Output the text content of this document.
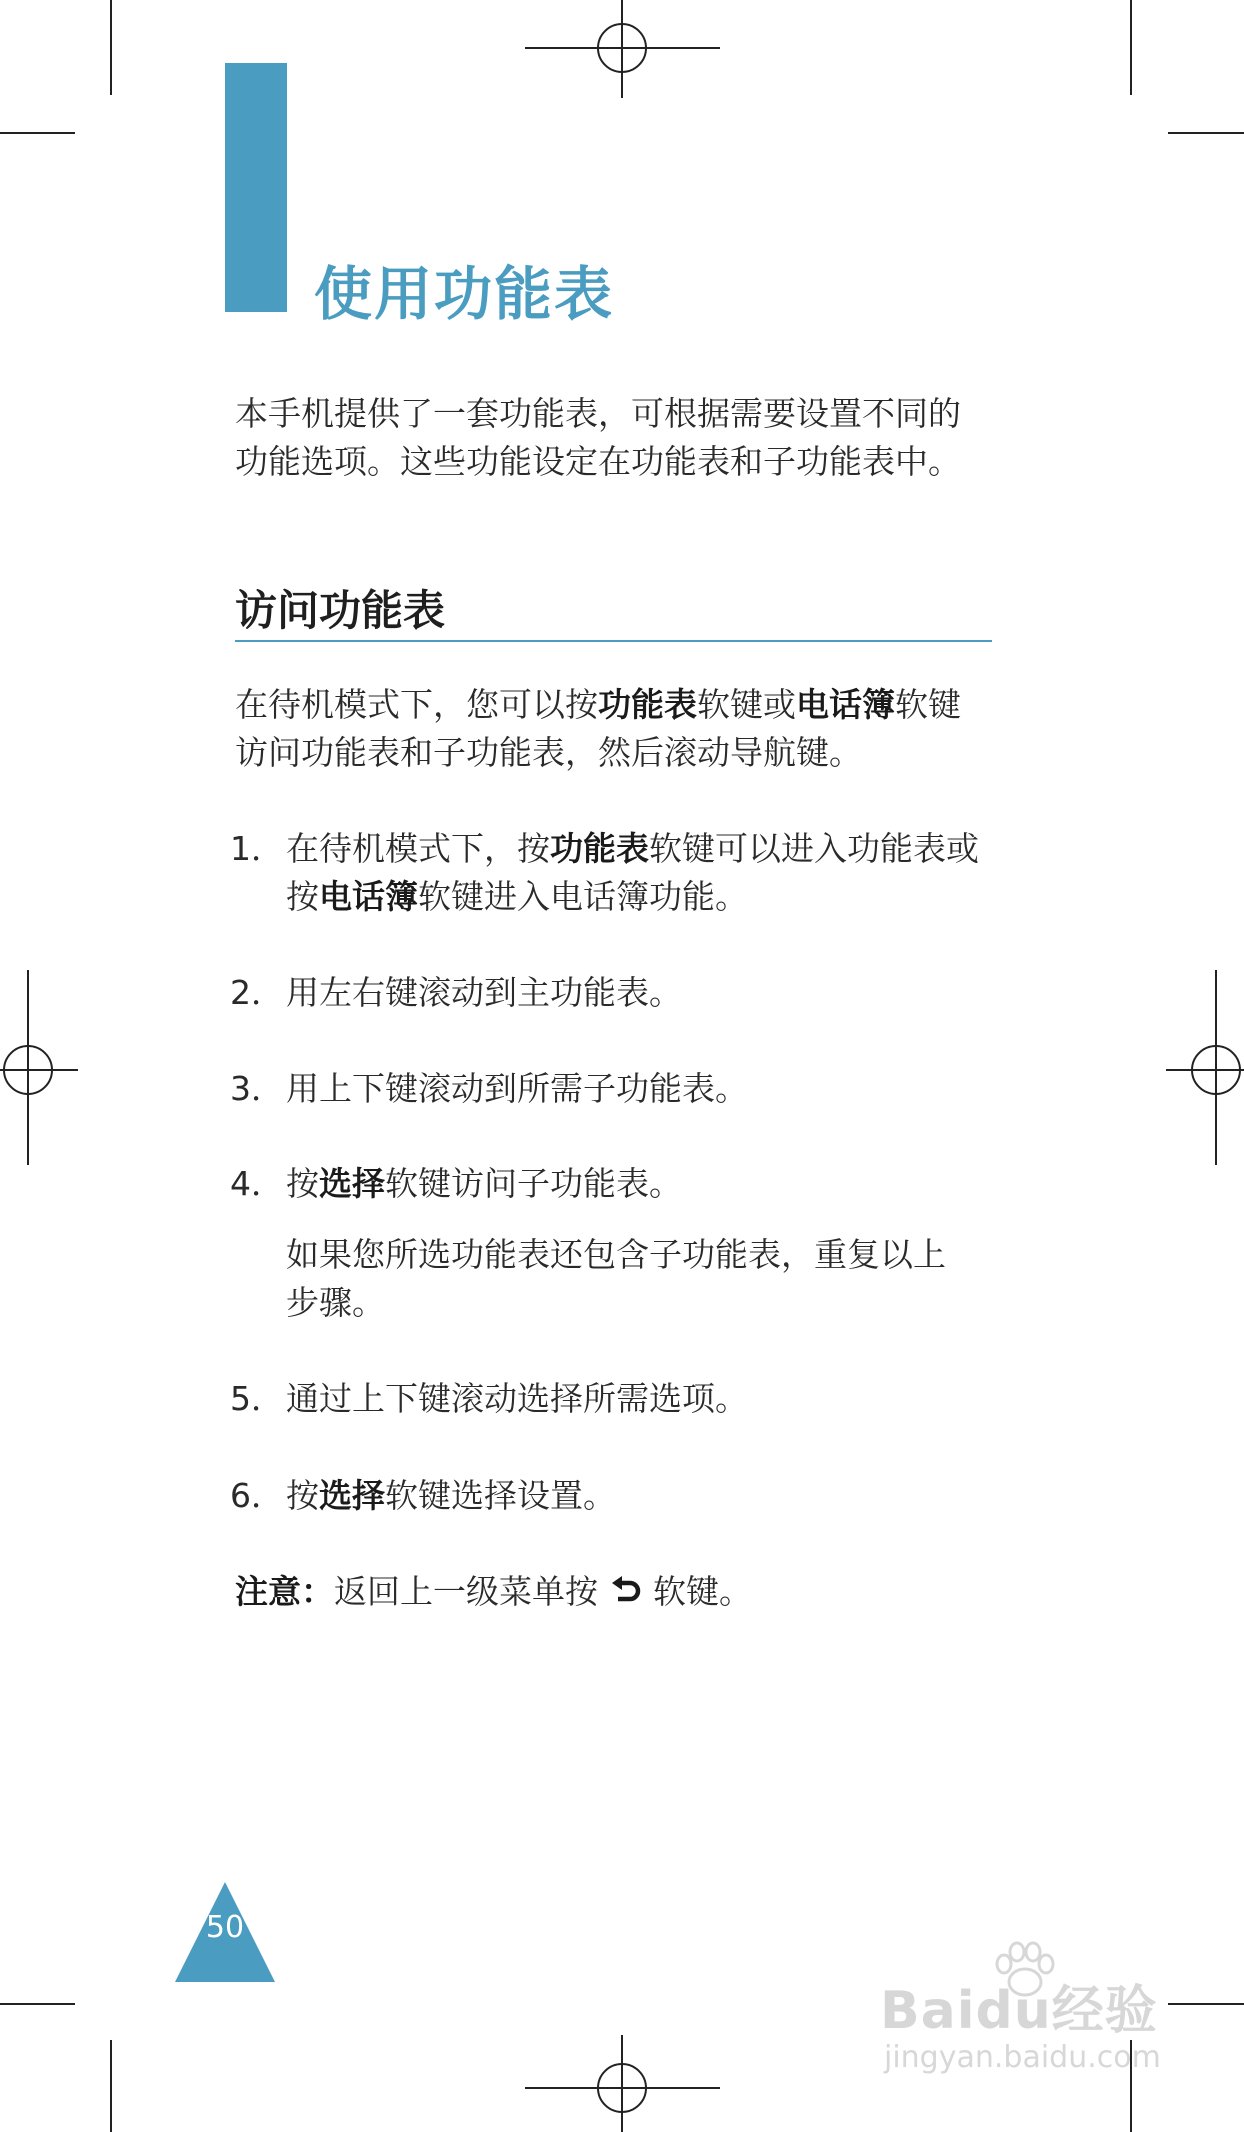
使用功能表

本手机提供了一套功能表，可根据需要设置不同的

功能选项。这些功能设定在功能表和子功能表中。

访问功能表

在待机模式下，您可以按功能表软键或电话簿软键

访问功能表和子功能表，然后滚动导航键。

1． 在待机模式下，按功能表软键可以进入功能表或

按电话簿软键进入电话簿功能。

2． 用左右键滚动到主功能表。
3． 用上下键滚动到所需子功能表。
4． 按选择软键访问子功能表。

如果您所选功能表还包含子功能表，重复以上

步骤。

5． 通过上下键滚动选择所需选项。
6． 按选择软键选择设置。

注意：返回上一级菜单按 软键。

50
Baidu经验
jingyan.baidu.com
